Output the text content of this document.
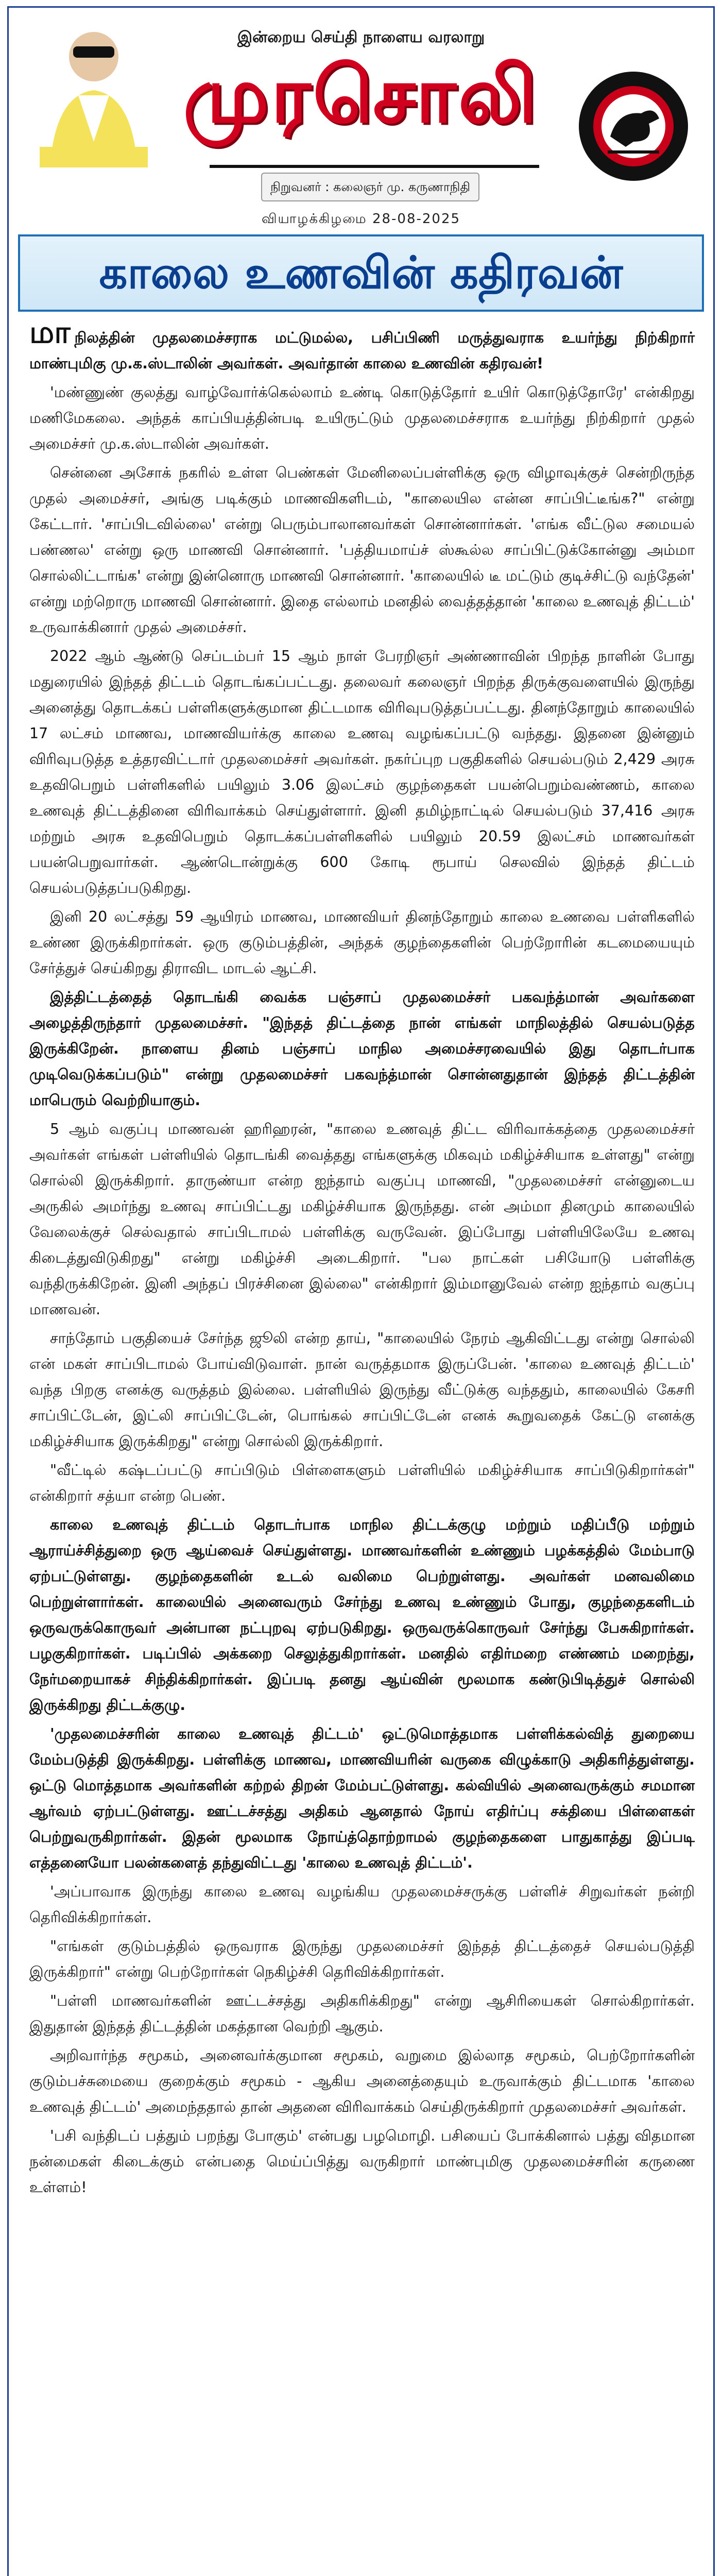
இன்றைய செய்தி நாளைய வரலாறு
முரசொலி
நிறுவனர் : கலைஞர் மு. கருணாநிதி
வியாழக்கிழமை 28-08-2025
காலை உணவின் கதிரவன்

மாநிலத்தின் முதலமைச்சராக மட்டுமல்ல, பசிப்பிணி மருத்துவராக உயர்ந்து நிற்கிறார் மாண்புமிகு மு.க.ஸ்டாலின் அவர்கள். அவர்தான் காலை உணவின் கதிரவன்!

'மண்ணுண் குலத்து வாழ்வோர்க்கெல்லாம் உண்டி கொடுத்தோர் உயிர் கொடுத்தோரே' என்கிறது மணிமேகலை. அந்தக் காப்பியத்தின்படி உயிருட்டும் முதலமைச்சராக உயர்ந்து நிற்கிறார் முதல் அமைச்சர் மு.க.ஸ்டாலின் அவர்கள்.

சென்னை அசோக் நகரில் உள்ள பெண்கள் மேனிலைப்பள்ளிக்கு ஒரு விழாவுக்குச் சென்றிருந்த முதல் அமைச்சர், அங்கு படிக்கும் மாணவிகளிடம், "காலையில என்ன சாப்பிட்டீங்க?" என்று கேட்டார். 'சாப்பிடவில்லை' என்று பெரும்பாலானவர்கள் சொன்னார்கள். 'எங்க வீட்டுல சமையல் பண்ணல' என்று ஒரு மாணவி சொன்னார். 'பத்தியமாய்ச் ஸ்கூல்ல சாப்பிட்டுக்கோன்னு அம்மா சொல்லிட்டாங்க' என்று இன்னொரு மாணவி சொன்னார். 'காலையில் டீ மட்டும் குடிச்சிட்டு வந்தேன்' என்று மற்றொரு மாணவி சொன்னார். இதை எல்லாம் மனதில் வைத்தத்தான் 'காலை உணவுத் திட்டம்' உருவாக்கினார் முதல் அமைச்சர்.

2022 ஆம் ஆண்டு செப்டம்பர் 15 ஆம் நாள் பேரறிஞர் அண்ணாவின் பிறந்த நாளின் போது மதுரையில் இந்தத் திட்டம் தொடங்கப்பட்டது. தலைவர் கலைஞர் பிறந்த திருக்குவளையில் இருந்து அனைத்து தொடக்கப் பள்ளிகளுக்குமான திட்டமாக விரிவுபடுத்தப்பட்டது. தினந்தோறும் காலையில் 17 லட்சம் மாணவ, மாணவியர்க்கு காலை உணவு வழங்கப்பட்டு வந்தது. இதனை இன்னும் விரிவுபடுத்த உத்தரவிட்டார் முதலமைச்சர் அவர்கள். நகர்ப்புற பகுதிகளில் செயல்படும் 2,429 அரசு உதவிபெறும் பள்ளிகளில் பயிலும் 3.06 இலட்சம் குழந்தைகள் பயன்பெறும்வண்ணம், காலை உணவுத் திட்டத்தினை விரிவாக்கம் செய்துள்ளார். இனி தமிழ்நாட்டில் செயல்படும் 37,416 அரசு மற்றும் அரசு உதவிபெறும் தொடக்கப்பள்ளிகளில் பயிலும் 20.59 இலட்சம் மாணவர்கள் பயன்பெறுவார்கள். ஆண்டொன்றுக்கு 600 கோடி ரூபாய் செலவில் இந்தத் திட்டம் செயல்படுத்தப்படுகிறது.

இனி 20 லட்சத்து 59 ஆயிரம் மாணவ, மாணவியர் தினந்தோறும் காலை உணவை பள்ளிகளில் உண்ண இருக்கிறார்கள். ஒரு குடும்பத்தின், அந்தக் குழந்தைகளின் பெற்றோரின் கடமையையும் சேர்த்துச் செய்கிறது திராவிட மாடல் ஆட்சி.

இத்திட்டத்தைத் தொடங்கி வைக்க பஞ்சாப் முதலமைச்சர் பகவந்த்மான் அவர்களை அழைத்திருந்தார் முதலமைச்சர். "இந்தத் திட்டத்தை நான் எங்கள் மாநிலத்தில் செயல்படுத்த இருக்கிறேன். நாளைய தினம் பஞ்சாப் மாநில அமைச்சரவையில் இது தொடர்பாக முடிவெடுக்கப்படும்" என்று முதலமைச்சர் பகவந்த்மான் சொன்னதுதான் இந்தத் திட்டத்தின் மாபெரும் வெற்றியாகும்.

5 ஆம் வகுப்பு மாணவன் ஹரிஹரன், "காலை உணவுத் திட்ட விரிவாக்கத்தை முதலமைச்சர் அவர்கள் எங்கள் பள்ளியில் தொடங்கி வைத்தது எங்களுக்கு மிகவும் மகிழ்ச்சியாக உள்ளது" என்று சொல்லி இருக்கிறார். தாருண்யா என்ற ஐந்தாம் வகுப்பு மாணவி, "முதலமைச்சர் என்னுடைய அருகில் அமர்ந்து உணவு சாப்பிட்டது மகிழ்ச்சியாக இருந்தது. என் அம்மா தினமும் காலையில் வேலைக்குச் செல்வதால் சாப்பிடாமல் பள்ளிக்கு வருவேன். இப்போது பள்ளியிலேயே உணவு கிடைத்துவிடுகிறது" என்று மகிழ்ச்சி அடைகிறார். "பல நாட்கள் பசியோடு பள்ளிக்கு வந்திருக்கிறேன். இனி அந்தப் பிரச்சினை இல்லை" என்கிறார் இம்மானுவேல் என்ற ஐந்தாம் வகுப்பு மாணவன்.

சாந்தோம் பகுதியைச் சேர்ந்த ஜூலி என்ற தாய், "காலையில் நேரம் ஆகிவிட்டது என்று சொல்லி என் மகள் சாப்பிடாமல் போய்விடுவாள். நான் வருத்தமாக இருப்பேன். 'காலை உணவுத் திட்டம்' வந்த பிறகு எனக்கு வருத்தம் இல்லை. பள்ளியில் இருந்து வீட்டுக்கு வந்ததும், காலையில் கேசரி சாப்பிட்டேன், இட்லி சாப்பிட்டேன், பொங்கல் சாப்பிட்டேன் எனக் கூறுவதைக் கேட்டு எனக்கு மகிழ்ச்சியாக இருக்கிறது" என்று சொல்லி இருக்கிறார்.

"வீட்டில் கஷ்டப்பட்டு சாப்பிடும் பிள்ளைகளும் பள்ளியில் மகிழ்ச்சியாக சாப்பிடுகிறார்கள்" என்கிறார் சத்யா என்ற பெண்.

காலை உணவுத் திட்டம் தொடர்பாக மாநில திட்டக்குழு மற்றும் மதிப்பீடு மற்றும் ஆராய்ச்சித்துறை ஒரு ஆய்வைச் செய்துள்ளது. மாணவர்களின் உண்ணும் பழக்கத்தில் மேம்பாடு ஏற்பட்டுள்ளது. குழந்தைகளின் உடல் வலிமை பெற்றுள்ளது. அவர்கள் மனவலிமை பெற்றுள்ளார்கள். காலையில் அனைவரும் சேர்ந்து உணவு உண்ணும் போது, குழந்தைகளிடம் ஒருவருக்கொருவர் அன்பான நட்புறவு ஏற்படுகிறது. ஒருவருக்கொருவர் சேர்ந்து பேசுகிறார்கள். பழகுகிறார்கள். படிப்பில் அக்கறை செலுத்துகிறார்கள். மனதில் எதிர்மறை எண்ணம் மறைந்து, நேர்மறையாகச் சிந்திக்கிறார்கள். இப்படி தனது ஆய்வின் மூலமாக கண்டுபிடித்துச் சொல்லி இருக்கிறது திட்டக்குழு.

'முதலமைச்சரின் காலை உணவுத் திட்டம்' ஒட்டுமொத்தமாக பள்ளிக்கல்வித் துறையை மேம்படுத்தி இருக்கிறது. பள்ளிக்கு மாணவ, மாணவியரின் வருகை விழுக்காடு அதிகரித்துள்ளது. ஒட்டு மொத்தமாக அவர்களின் கற்றல் திறன் மேம்பட்டுள்ளது. கல்வியில் அனைவருக்கும் சமமான ஆர்வம் ஏற்பட்டுள்ளது. ஊட்டச்சத்து அதிகம் ஆனதால் நோய் எதிர்ப்பு சக்தியை பிள்ளைகள் பெற்றுவருகிறார்கள். இதன் மூலமாக நோய்த்தொற்றாமல் குழந்தைகளை பாதுகாத்து இப்படி எத்தனையோ பலன்களைத் தந்துவிட்டது 'காலை உணவுத் திட்டம்'.

'அப்பாவாக இருந்து காலை உணவு வழங்கிய முதலமைச்சருக்கு பள்ளிச் சிறுவர்கள் நன்றி தெரிவிக்கிறார்கள்.

"எங்கள் குடும்பத்தில் ஒருவராக இருந்து முதலமைச்சர் இந்தத் திட்டத்தைச் செயல்படுத்தி இருக்கிறார்" என்று பெற்றோர்கள் நெகிழ்ச்சி தெரிவிக்கிறார்கள்.

"பள்ளி மாணவர்களின் ஊட்டச்சத்து அதிகரிக்கிறது" என்று ஆசிரியைகள் சொல்கிறார்கள். இதுதான் இந்தத் திட்டத்தின் மகத்தான வெற்றி ஆகும்.

அறிவார்ந்த சமூகம், அனைவர்க்குமான சமூகம், வறுமை இல்லாத சமூகம், பெற்றோர்களின் குடும்பச்சுமையை குறைக்கும் சமூகம் - ஆகிய அனைத்தையும் உருவாக்கும் திட்டமாக 'காலை உணவுத் திட்டம்' அமைந்ததால் தான் அதனை விரிவாக்கம் செய்திருக்கிறார் முதலமைச்சர் அவர்கள்.

'பசி வந்திடப் பத்தும் பறந்து போகும்' என்பது பழமொழி. பசியைப் போக்கினால் பத்து விதமான நன்மைகள் கிடைக்கும் என்பதை மெய்ப்பித்து வருகிறார் மாண்புமிகு முதலமைச்சரின் கருணை உள்ளம்!
